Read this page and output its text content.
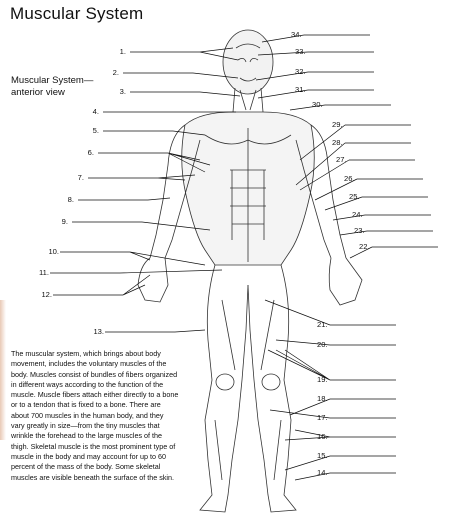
Muscular System
Muscular System—anterior view
The muscular system, which brings about body movement, includes the voluntary muscles of the body. Muscles consist of bundles of fibers organized in different ways according to the function of the muscle. Muscle fibers attach either directly to a bone or to a tendon that is fixed to a bone. There are about 700 muscles in the human body, and they vary greatly in size—from the tiny muscles that wrinkle the forehead to the large muscles of the thigh. Skeletal muscle is the most prominent type of muscle in the body and may account for up to 60 percent of the mass of the body. Some skeletal muscles are visible beneath the surface of the skin.
1.
2.
3.
4.
5.
6.
7.
8.
9.
10.
11.
12.
13.
34.
33.
32.
31.
30.
29.
28.
27.
26.
25.
24.
23.
22.
21.
20.
19.
18.
17.
16.
15.
14.
